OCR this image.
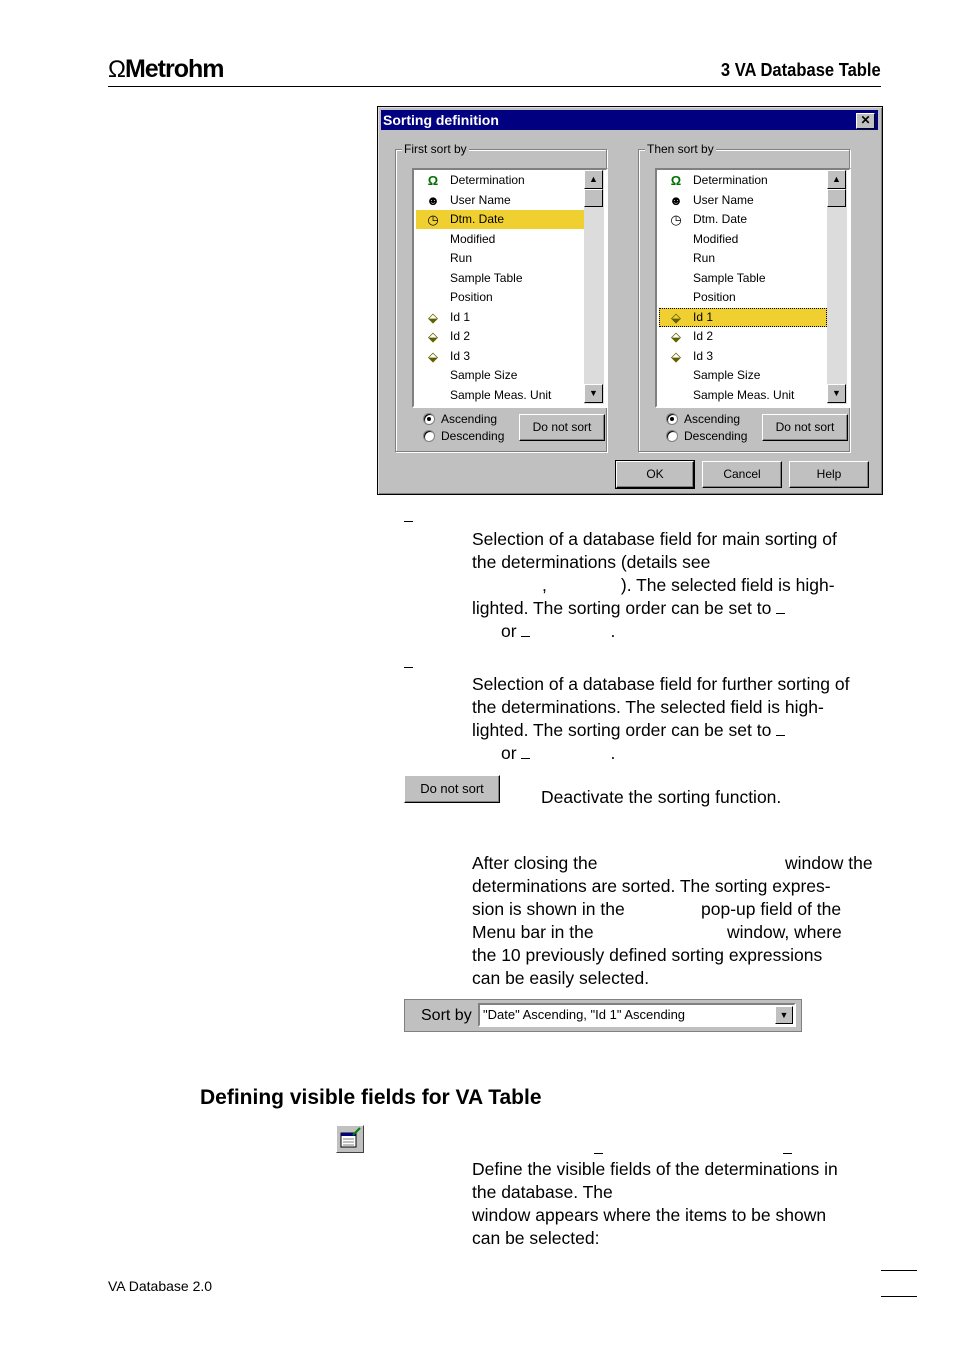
ΩMetrohm	3 VA Database Table
Sorting definition	✕
First sort by
Ω Determination
☻ User Name
◷ Dtm. Date
Modified
Run
Sample Table
Position
⬙	Id 1
⬙	Id 2
⬙	Id 3
Sample Size
Sample Meas. Unit
▲
▼
Ascending
Descending
Do not sort
Then sort by
Ω Determination
☻ User Name
◷ Dtm. Date
Modified
Run
Sample Table
Position
⬙	Id 1
⬙	Id 2
⬙	Id 3
Sample Size
Sample Meas. Unit
▲
▼
Ascending
Descending
Do not sort
OK	Cancel	Help
Selection of a database field for main sorting of
the determinations (details see
,	). The selected field is high-
lighted. The sorting order can be set to
or	.
Selection of a database field for further sorting of
the determinations. The selected field is high-
lighted. The sorting order can be set to
or	.
Do not sort	Deactivate the sorting function.
After closing the	window the
determinations are sorted. The sorting expres-
sion is shown in the	pop-up field of the
Menu bar in the	window, where
the 10 previously defined sorting expressions
can be easily selected.
Sort by "Date" Ascending, "Id 1" Ascending	▼
Defining visible fields for VA Table
Define the visible fields of the determinations in
the database. The
window appears where the items to be shown
can be selected:
VA Database 2.0
